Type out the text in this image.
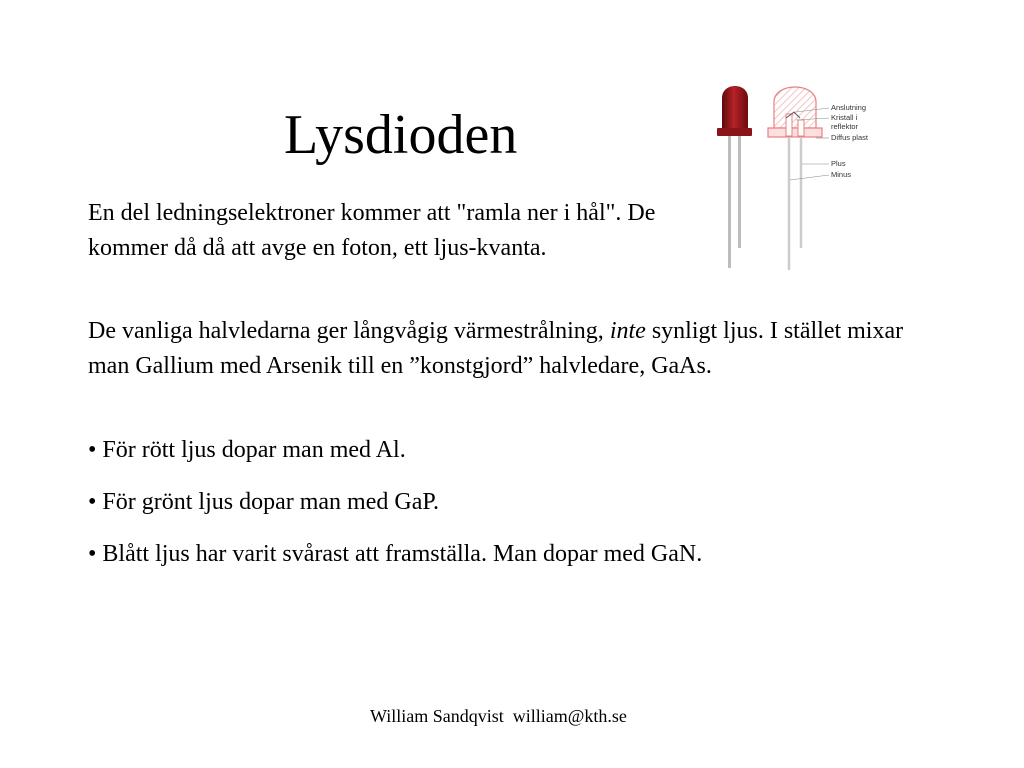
Lysdioden

En del ledningselektroner kommer att "ramla ner i hål". De kommer då då att avge en foton, ett ljus-kvanta.

De vanliga halvledarna ger långvågig värmestrålning, inte synligt ljus. I stället mixar man Gallium med Arsenik till en ”konstgjord” halvledare, GaAs.

• För rött ljus dopar man med Al.

• För grönt ljus dopar man med GaP.

• Blått ljus har varit svårast att framställa. Man dopar med GaN.

Anslutning
Kristall i
reflektor
Diffus plast
Plus
Minus
William Sandqvist  william@kth.se
